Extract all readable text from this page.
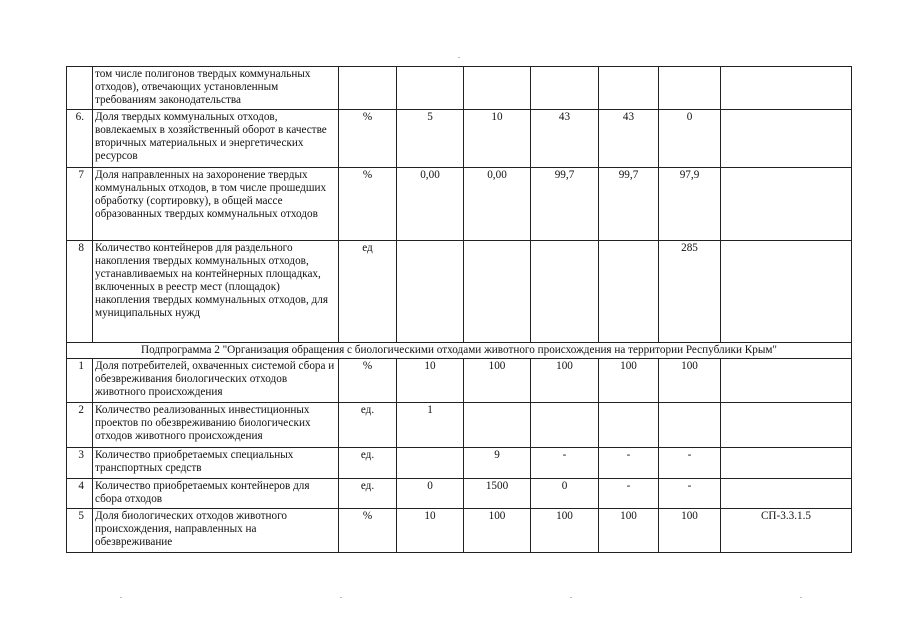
	том числе полигонов твердых коммунальных отходов), отвечающих установленным требованиям законодательства							
6.	Доля твердых коммунальных отходов, вовлекаемых в хозяйственный оборот в качестве вторичных материальных и энергетических ресурсов	%	5	10	43	43	0	
7	Доля направленных на захоронение твердых коммунальных отходов, в том числе прошедших обработку (сортировку), в общей массе образованных твердых коммунальных отходов	%	0,00	0,00	99,7	99,7	97,9	
8	Количество контейнеров для раздельного накопления твердых коммунальных отходов, устанавливаемых на контейнерных площадках, включенных в реестр мест (площадок) накопления твердых коммунальных отходов, для муниципальных нужд	ед					285	
Подпрограмма 2 "Организация обращения с биологическими отходами животного происхождения на территории Республики Крым"								
1	Доля потребителей, охваченных системой сбора и обезвреживания биологических отходов животного происхождения	%	10	100	100	100	100	
2	Количество реализованных инвестиционных проектов по обезвреживанию биологических отходов животного происхождения	ед.	1					
3	Количество приобретаемых специальных транспортных средств	ед.		9	-	-	-	
4	Количество приобретаемых контейнеров для сбора отходов	ед.	0	1500	0	-	-	
5	Доля биологических отходов животного происхождения, направленных на обезвреживание	%	10	100	100	100	100	СП-3.3.1.5
